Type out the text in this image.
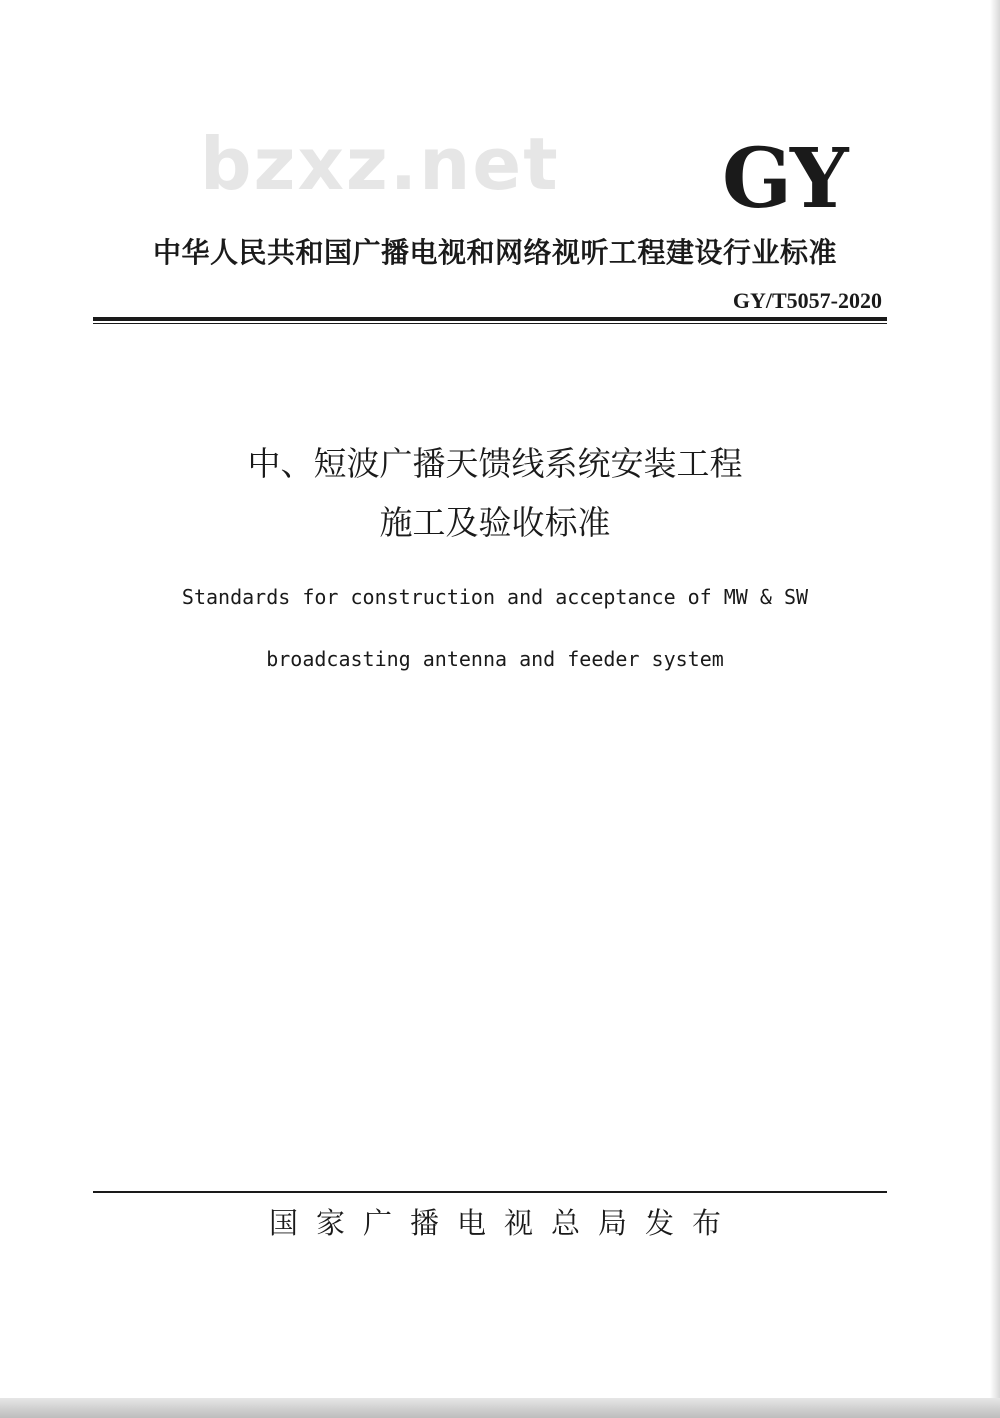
bzxz.net GY
中华人民共和国广播电视和网络视听工程建设行业标准
GY/T5057-2020
中、短波广播天馈线系统安装工程
施工及验收标准
Standards for construction and acceptance of MW & SW
broadcasting antenna and feeder system
国家广播电视总局发布
